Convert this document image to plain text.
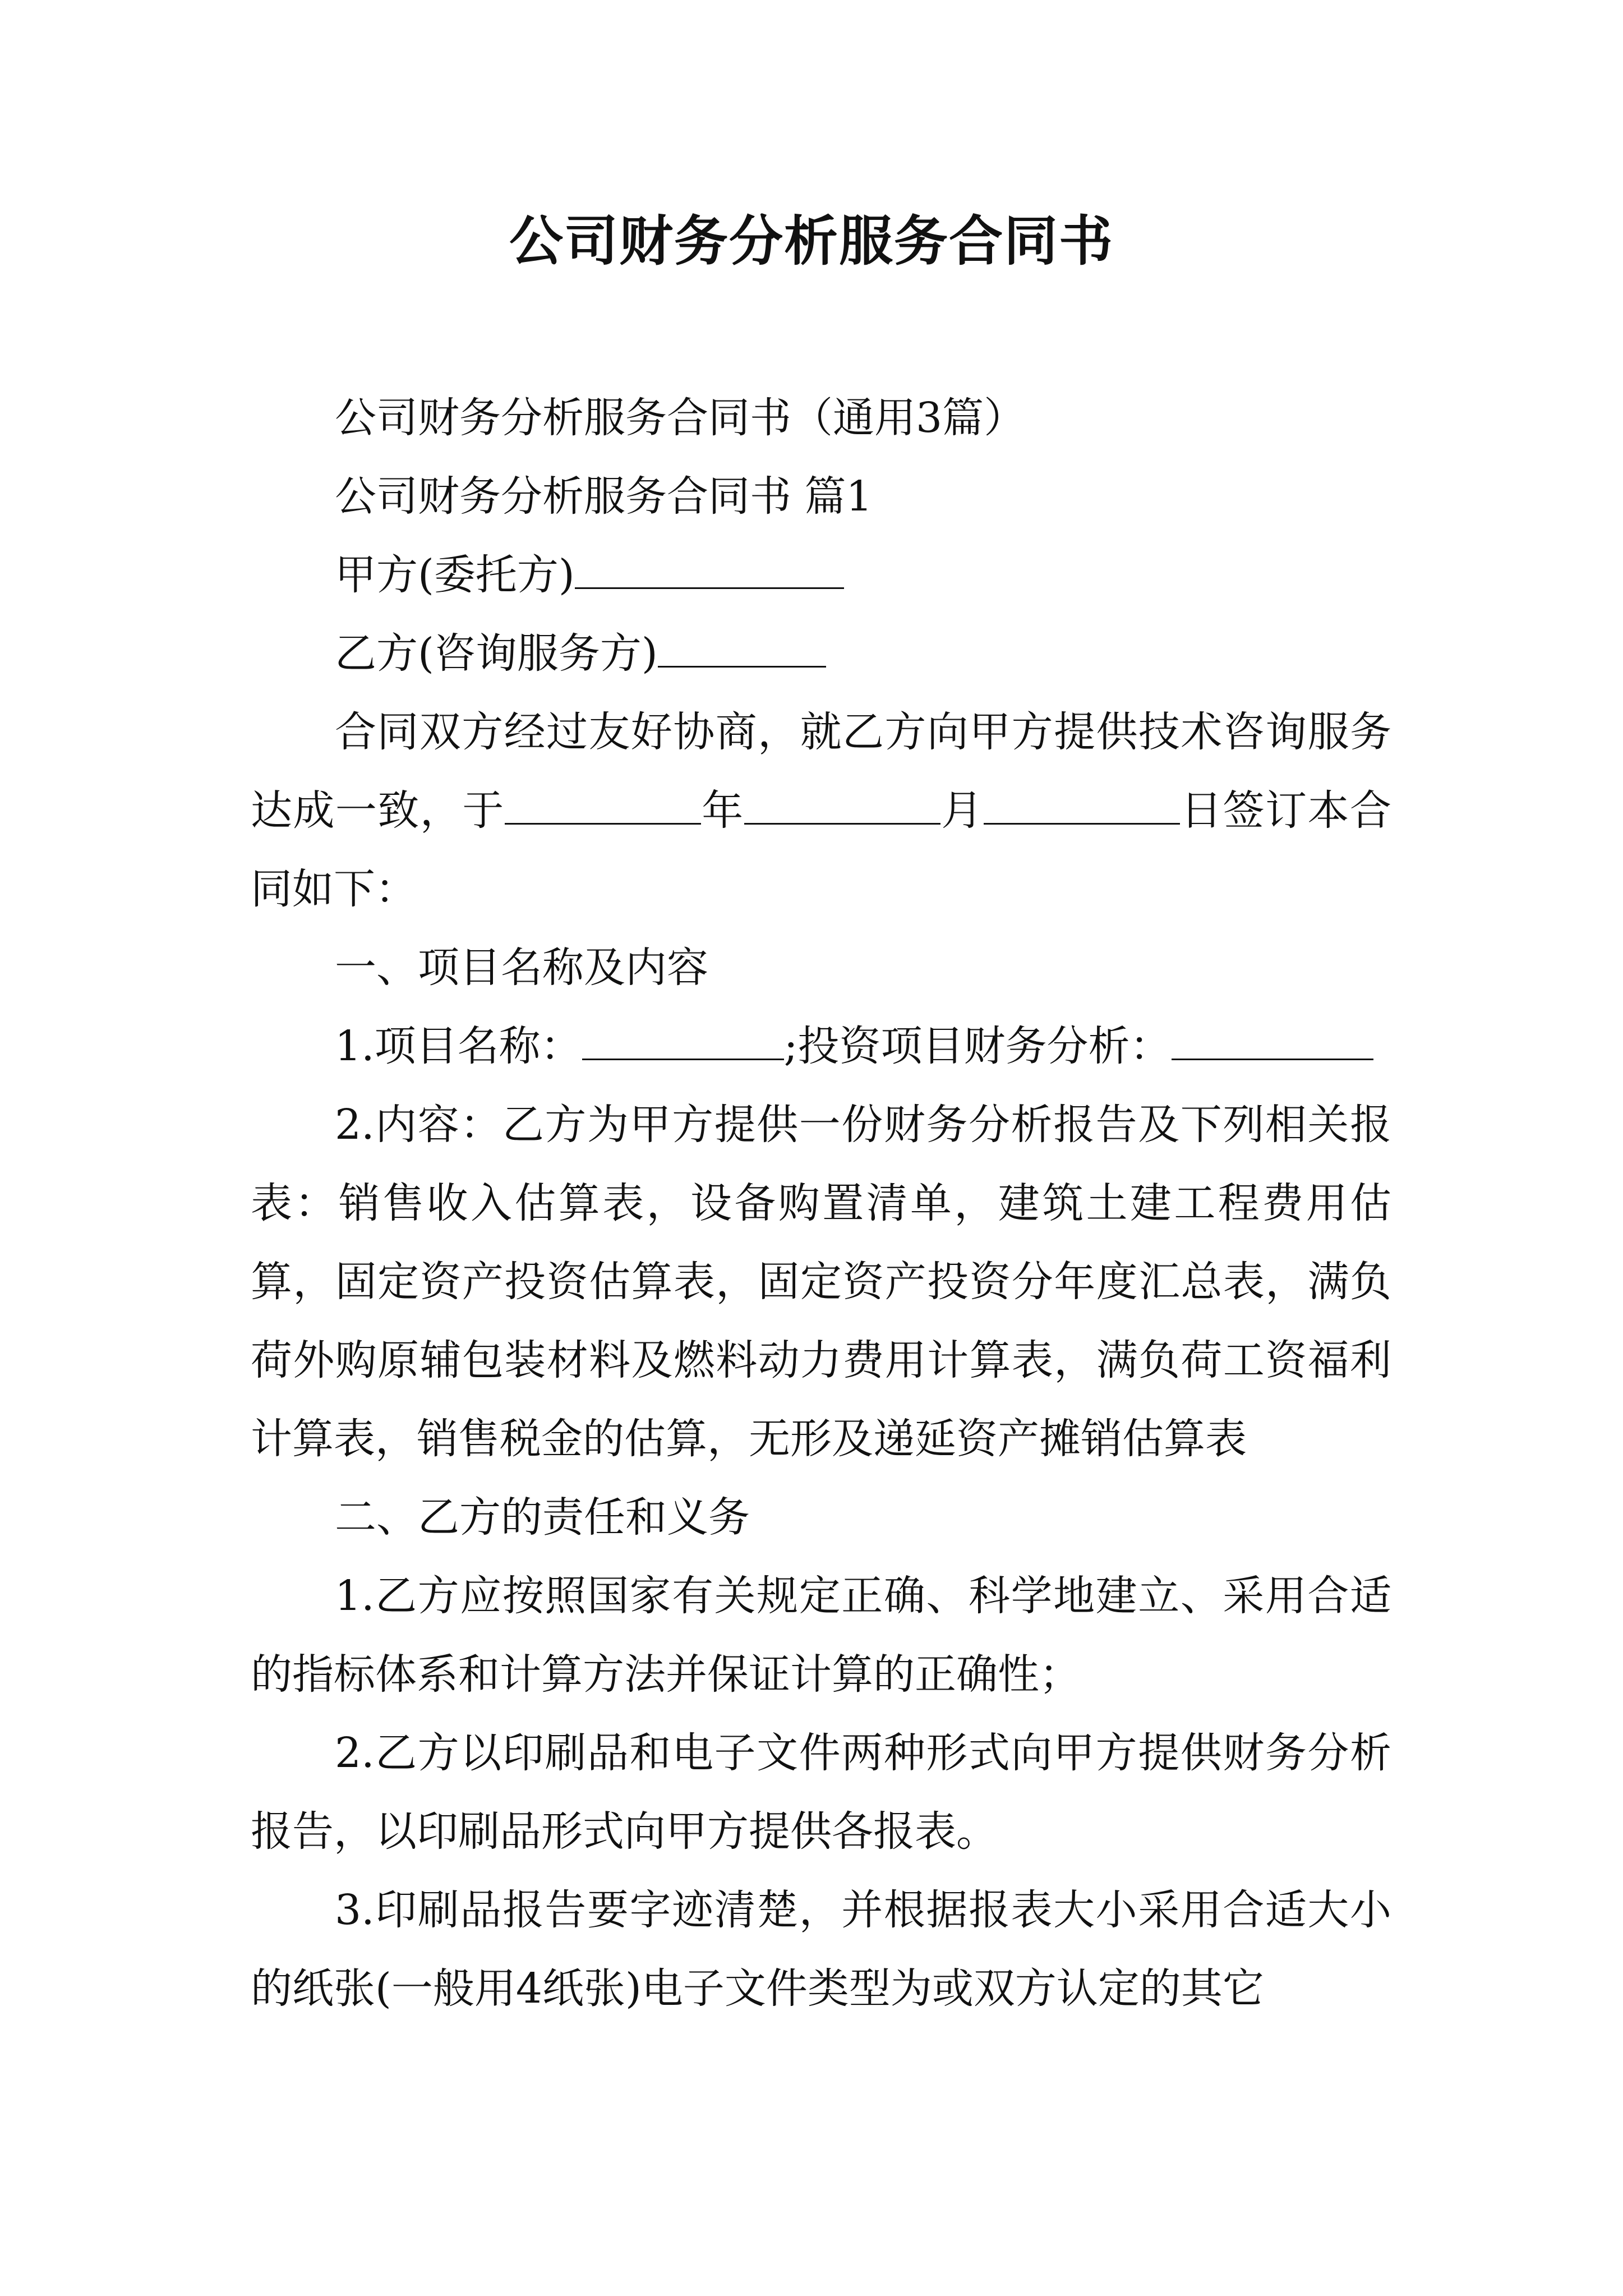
公司财务分析服务合同书

公司财务分析服务合同书（通用3篇）

公司财务分析服务合同书 篇1

甲方(委托方)

乙方(咨询服务方)

合同双方经过友好协商，就乙方向甲方提供技术咨询服务达成一致，于	年	月	日签订本合同如下：

一、项目名称及内容

1.项目名称：	;投资项目财务分析：

2.内容：乙方为甲方提供一份财务分析报告及下列相关报表：销售收入估算表，设备购置清单，建筑土建工程费用估算，固定资产投资估算表，固定资产投资分年度汇总表，满负荷外购原辅包装材料及燃料动力费用计算表，满负荷工资福利计算表，销售税金的估算，无形及递延资产摊销估算表

二、乙方的责任和义务

1.乙方应按照国家有关规定正确、科学地建立、采用合适的指标体系和计算方法并保证计算的正确性；

2.乙方以印刷品和电子文件两种形式向甲方提供财务分析报告，以印刷品形式向甲方提供各报表。

3.印刷品报告要字迹清楚，并根据报表大小采用合适大小的纸张(一般用4纸张)电子文件类型为或双方认定的其它
